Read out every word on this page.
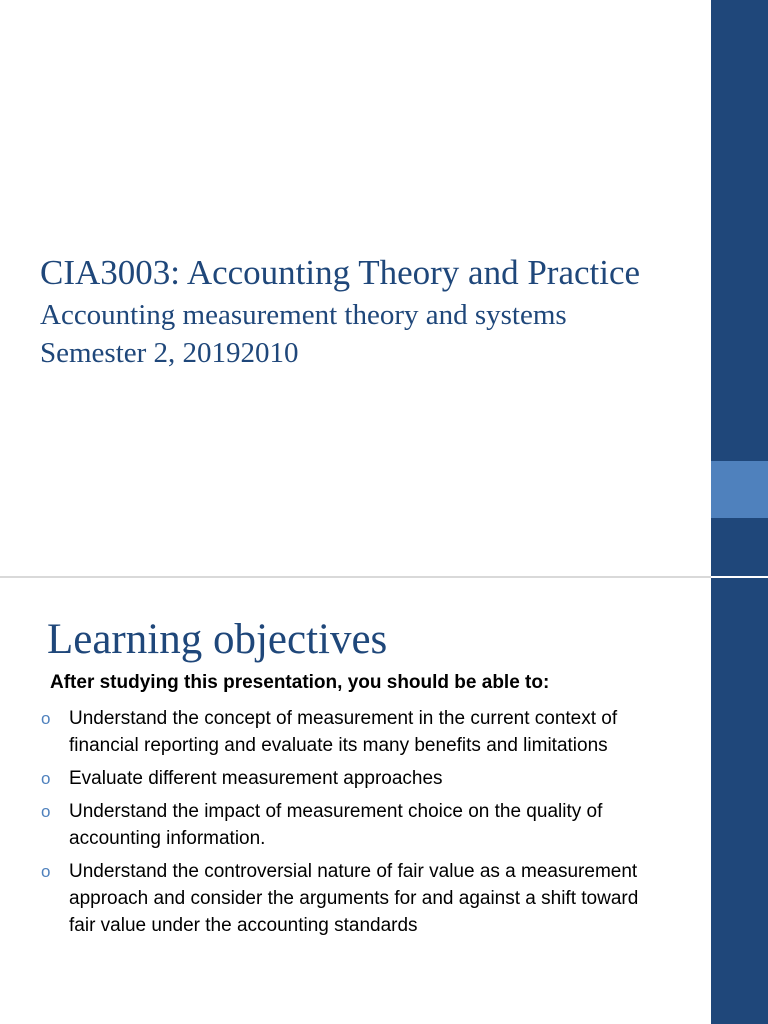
CIA3003: Accounting Theory and Practice
Accounting measurement theory and systems
Semester 2, 20192010
Learning objectives
After studying this presentation, you should be able to:
o Understand the concept of measurement in the current context of
financial reporting and evaluate its many benefits and limitations
o Evaluate different measurement approaches
o Understand the impact of measurement choice on the quality of
accounting information.
o Understand the controversial nature of fair value as a measurement
approach and consider the arguments for and against a shift toward
fair value under the accounting standards
